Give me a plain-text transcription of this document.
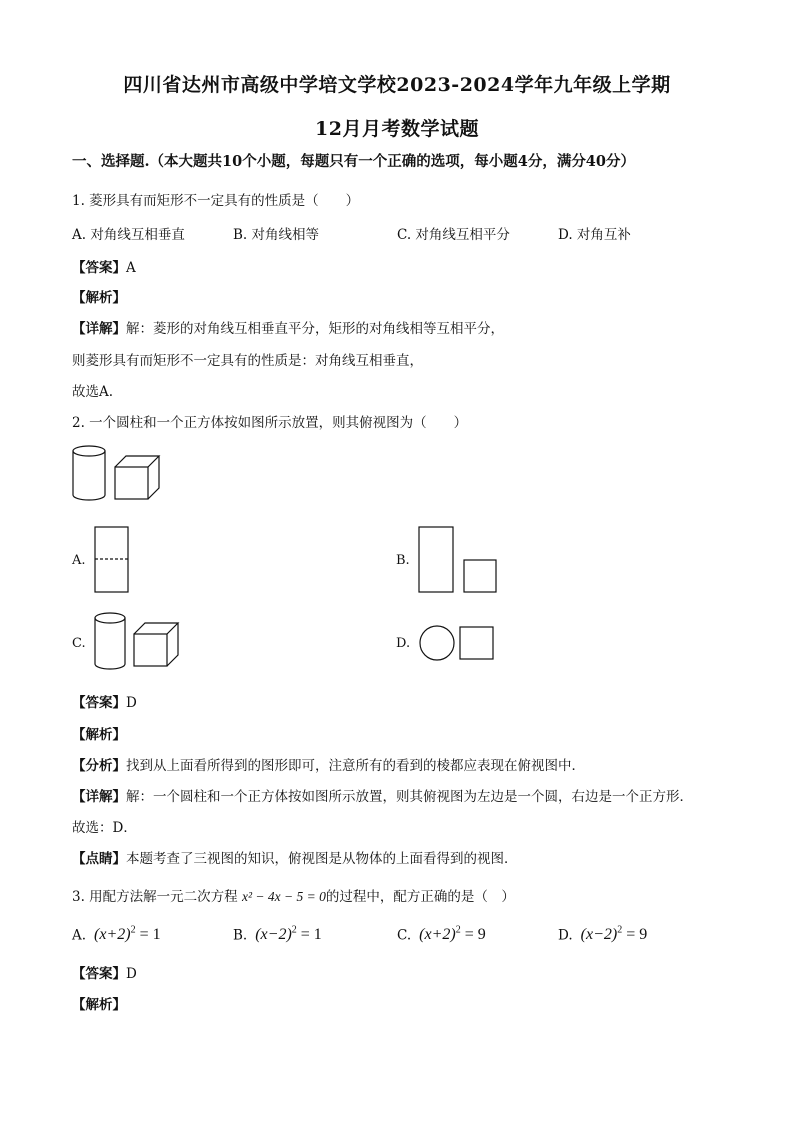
四川省达州市高级中学培文学校2023-2024学年九年级上学期
12月月考数学试题
一、选择题.（本大题共10个小题，每题只有一个正确的选项，每小题4分，满分40分）
1. 菱形具有而矩形不一定具有的性质是（　　）
A. 对角线互相垂直	B. 对角线相等	C. 对角线互相平分	D. 对角互补
【答案】A
【解析】
【详解】解：菱形的对角线互相垂直平分，矩形的对角线相等互相平分，
则菱形具有而矩形不一定具有的性质是：对角线互相垂直，
故选A.
2. 一个圆柱和一个正方体按如图所示放置，则其俯视图为（　　）
A.	B.
C.	D.
【答案】D
【解析】
【分析】找到从上面看所得到的图形即可，注意所有的看到的棱都应表现在俯视图中．
【详解】解：一个圆柱和一个正方体按如图所示放置，则其俯视图为左边是一个圆，右边是一个正方形．
故选：D．
【点睛】本题考查了三视图的知识，俯视图是从物体的上面看得到的视图．
3. 用配方法解一元二次方程 x² − 4x − 5 = 0的过程中，配方正确的是（　）
A. $(x+2)^2 = 1$	B. $(x-2)^2 = 1$	C. $(x+2)^2 = 9$	D. $(x-2)^2 = 9$
【答案】D
【解析】
